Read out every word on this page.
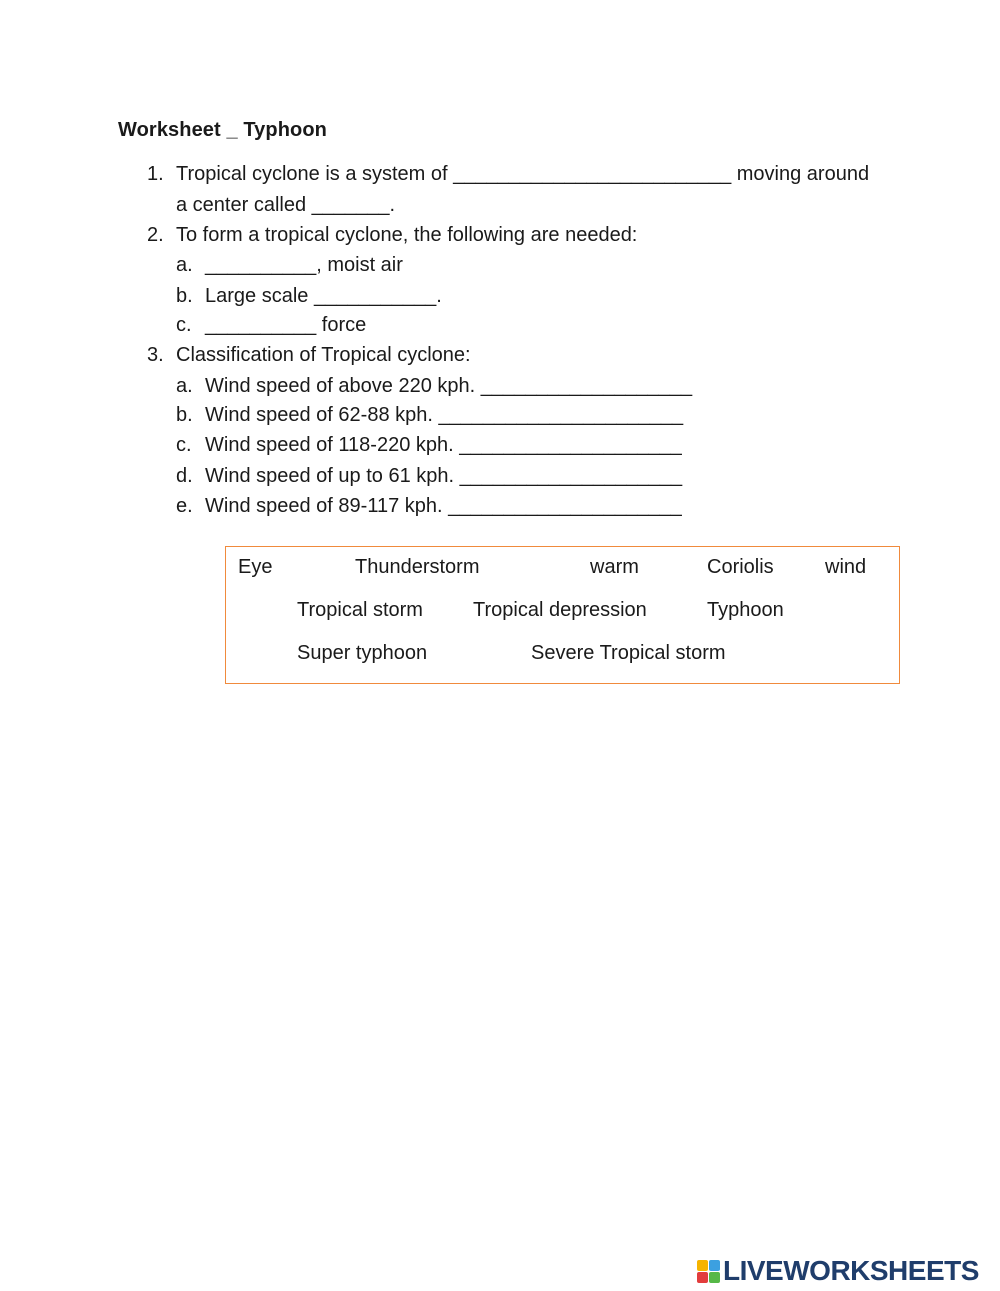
Worksheet _ Typhoon
1. Tropical cyclone is a system of _________________________ moving around
a center called _______.
2. To form a tropical cyclone, the following are needed:
a. __________, moist air
b. Large scale ___________.
c. __________ force
3. Classification of Tropical cyclone:
a. Wind speed of above 220 kph. ___________________
b. Wind speed of 62-88 kph. ______________________
c. Wind speed of 118-220 kph. ____________________
d. Wind speed of up to 61 kph. ____________________
e. Wind speed of 89-117 kph. _____________________
Eye	Thunderstorm	warm	Coriolis	wind
Tropical storm	Tropical depression	Typhoon
Super typhoon	Severe Tropical storm
LIVEWORKSHEETS
